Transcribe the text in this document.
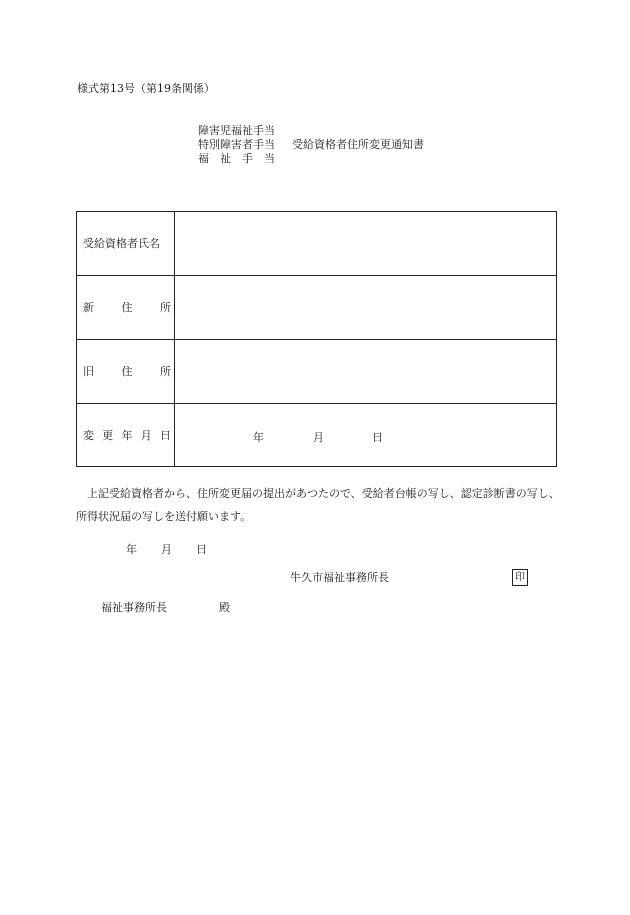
様式第13号（第19条関係）
障害児福祉手当
特別障害者手当	受給資格者住所変更通知書
福祉手当
受給資格者氏名
新	住	所
旧	住	所
変 更 年 月 日	年	月	日
上記受給資格者から、住所変更届の提出があつたので、受給者台帳の写し、認定診断書の写し、所得状況届の写しを送付願います。
年 月 日
牛久市福祉事務所長	印
福祉事務所長	殿
